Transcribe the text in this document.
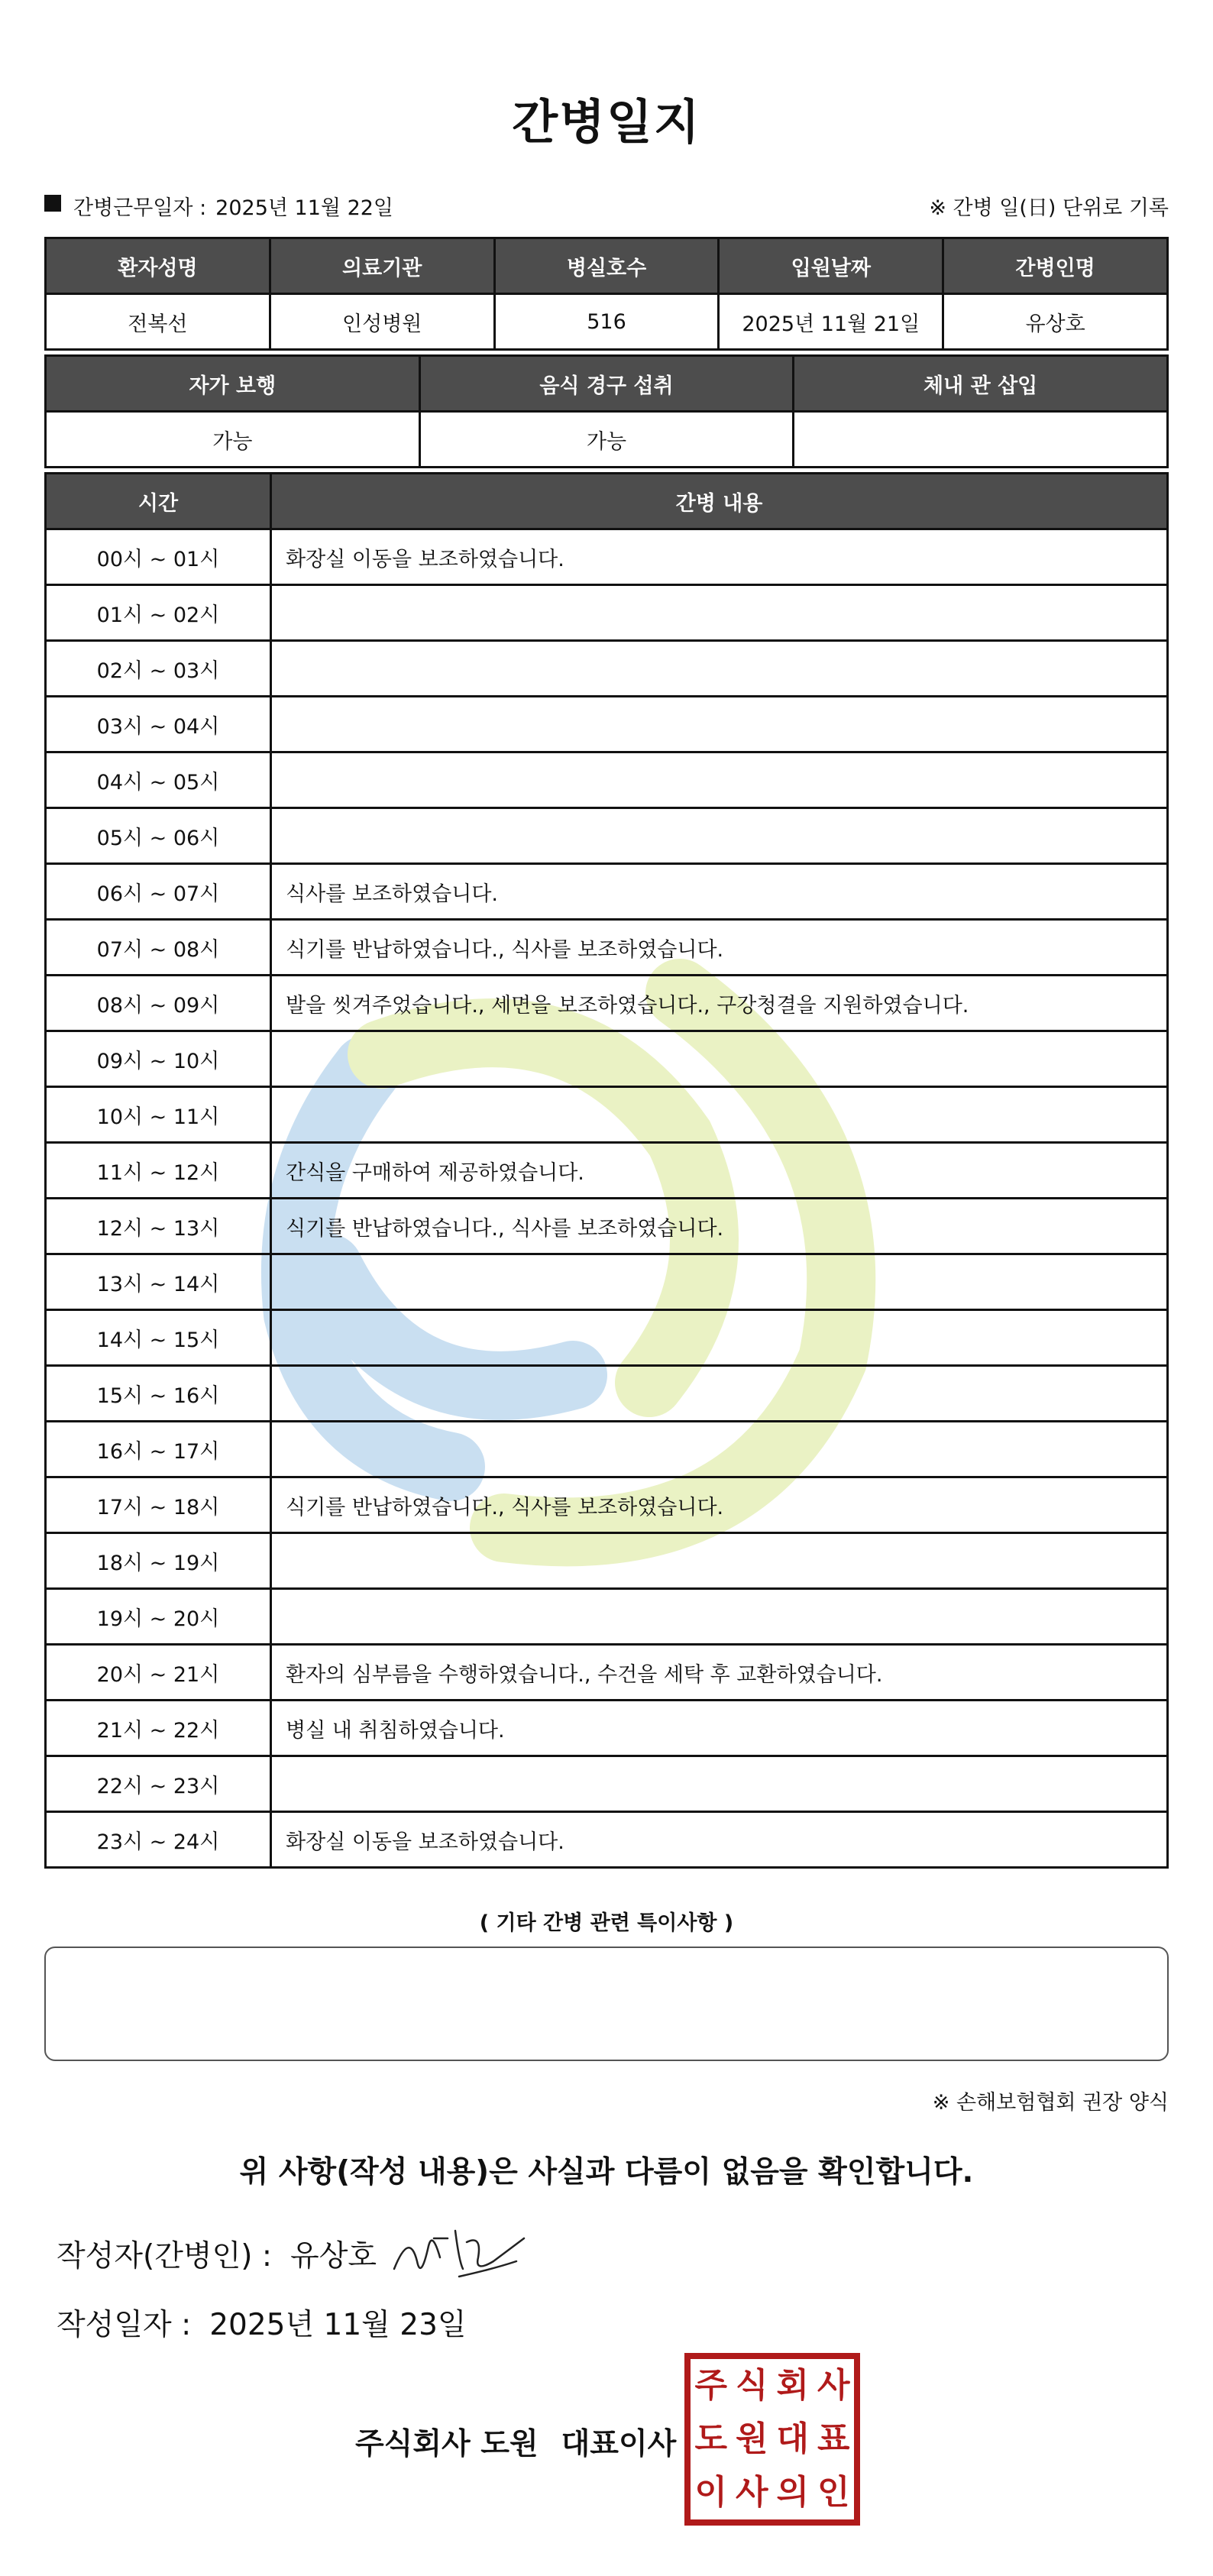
간병일지
간병근무일자 : 2025년 11월 22일	※ 간병 일(日) 단위로 기록
환자성명	의료기관	병실호수	입원날짜	간병인명
전복선	인성병원	516	2025년 11월 21일	유상호
자가 보행	음식 경구 섭취	체내 관 삽입
가능	가능	
시간	간병 내용
00시 ~ 01시	화장실 이동을 보조하였습니다.
01시 ~ 02시	
02시 ~ 03시	
03시 ~ 04시	
04시 ~ 05시	
05시 ~ 06시	
06시 ~ 07시	식사를 보조하였습니다.
07시 ~ 08시	식기를 반납하였습니다., 식사를 보조하였습니다.
08시 ~ 09시	발을 씻겨주었습니다., 세면을 보조하였습니다., 구강청결을 지원하였습니다.
09시 ~ 10시	
10시 ~ 11시	
11시 ~ 12시	간식을 구매하여 제공하였습니다.
12시 ~ 13시	식기를 반납하였습니다., 식사를 보조하였습니다.
13시 ~ 14시	
14시 ~ 15시	
15시 ~ 16시	
16시 ~ 17시	
17시 ~ 18시	식기를 반납하였습니다., 식사를 보조하였습니다.
18시 ~ 19시	
19시 ~ 20시	
20시 ~ 21시	환자의 심부름을 수행하였습니다., 수건을 세탁 후 교환하였습니다.
21시 ~ 22시	병실 내 취침하였습니다.
22시 ~ 23시	
23시 ~ 24시	화장실 이동을 보조하였습니다.
( 기타 간병 관련 특이사항 )
※ 손해보험협회 권장 양식
위 사항(작성 내용)은 사실과 다름이 없음을 확인합니다.
작성자(간병인) : 유상호
작성일자 : 2025년 11월 23일
주식회사 도원 대표이사
주 식 회 사
도 원 대 표
이 사 의 인
